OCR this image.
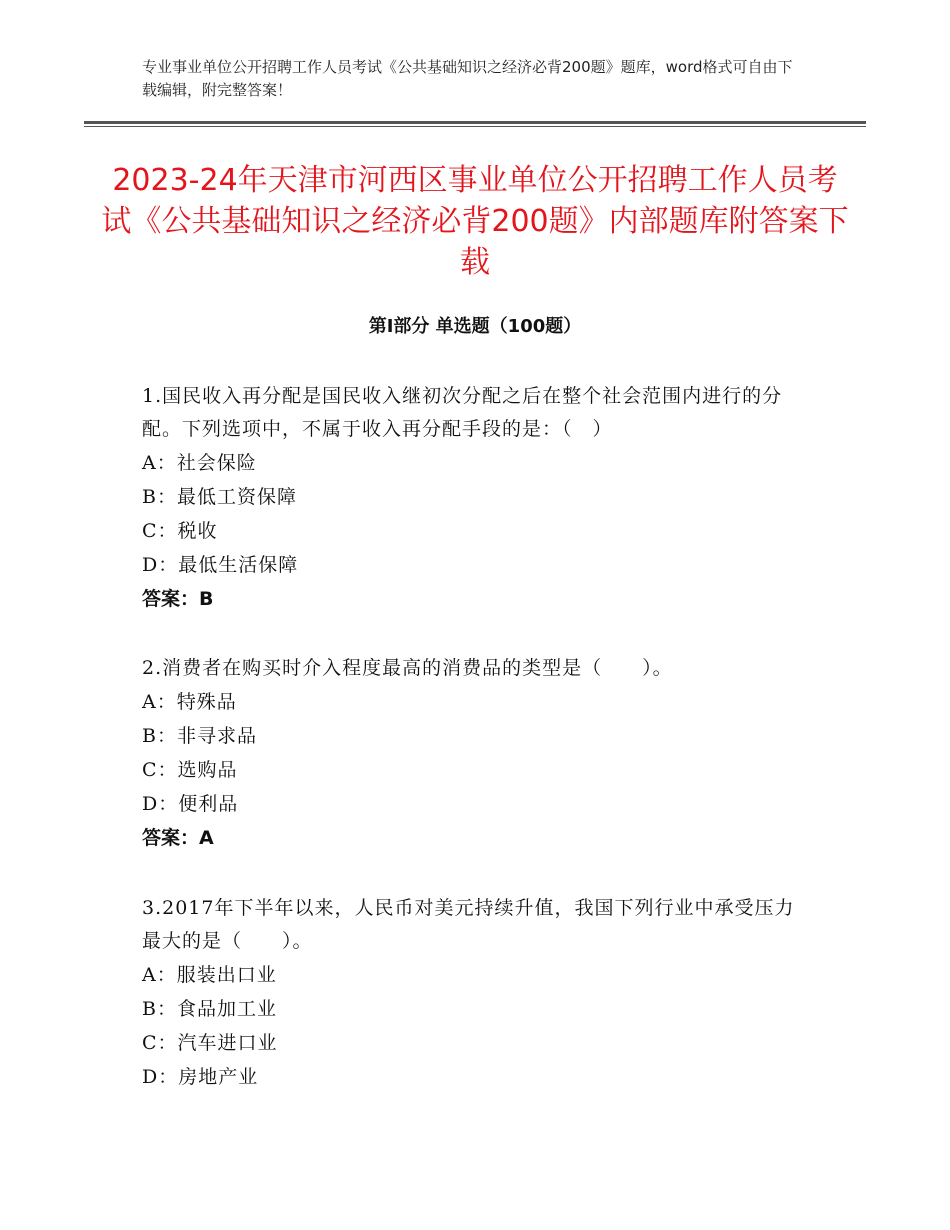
专业事业单位公开招聘工作人员考试《公共基础知识之经济必背200题》题库，word格式可自由下载编辑，附完整答案！
2023-24年天津市河西区事业单位公开招聘工作人员考试《公共基础知识之经济必背200题》内部题库附答案下载
第Ⅰ部分 单选题（100题）
1.国民收入再分配是国民收入继初次分配之后在整个社会范围内进行的分配。下列选项中，不属于收入再分配手段的是：（　）
A：社会保险
B：最低工资保障
C：税收
D：最低生活保障
答案：B
2.消费者在购买时介入程度最高的消费品的类型是（　　）。
A：特殊品
B：非寻求品
C：选购品
D：便利品
答案：A
3.2017年下半年以来，人民币对美元持续升值，我国下列行业中承受压力最大的是（　　）。
A：服装出口业
B：食品加工业
C：汽车进口业
D：房地产业
